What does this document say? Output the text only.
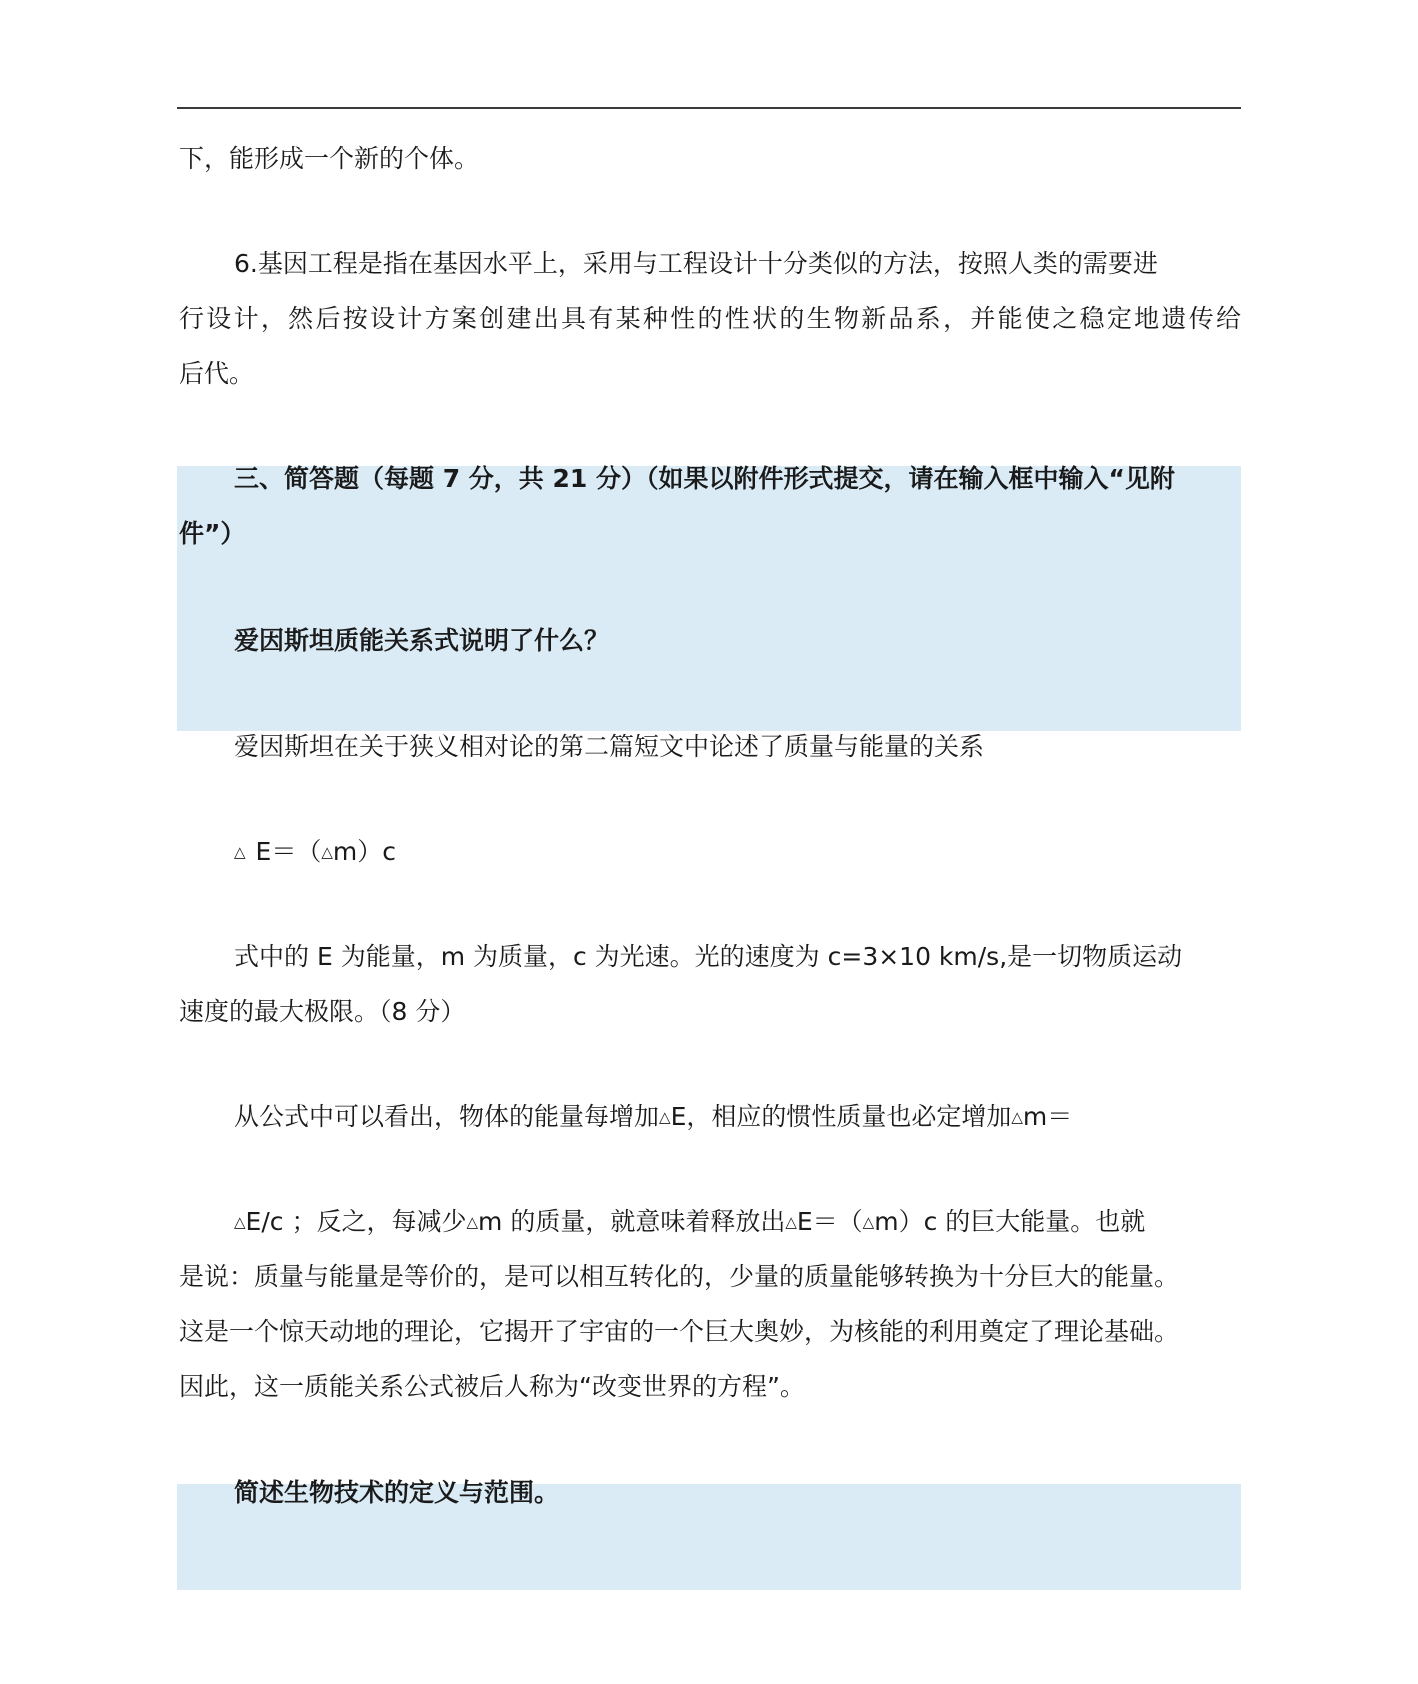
下，能形成一个新的个体。
6.基因工程是指在基因水平上，采用与工程设计十分类似的方法，按照人类的需要进
行设计，然后按设计方案创建出具有某种性的性状的生物新品系，并能使之稳定地遗传给
后代。
三、简答题（每题 7 分，共 21 分）（如果以附件形式提交，请在输入框中输入“见附
件”）
爱因斯坦质能关系式说明了什么？
爱因斯坦在关于狭义相对论的第二篇短文中论述了质量与能量的关系
△E＝（△m）c
式中的 E 为能量，m 为质量，c 为光速。光的速度为 c=3×10 km/s,是一切物质运动
速度的最大极限。（8 分）
从公式中可以看出，物体的能量每增加△E，相应的惯性质量也必定增加△m＝
△E/c ；反之，每减少△m 的质量，就意味着释放出△E＝（△m）c 的巨大能量。也就
是说：质量与能量是等价的，是可以相互转化的，少量的质量能够转换为十分巨大的能量。
这是一个惊天动地的理论，它揭开了宇宙的一个巨大奥妙，为核能的利用奠定了理论基础。
因此，这一质能关系公式被后人称为“改变世界的方程”。
简述生物技术的定义与范围。
